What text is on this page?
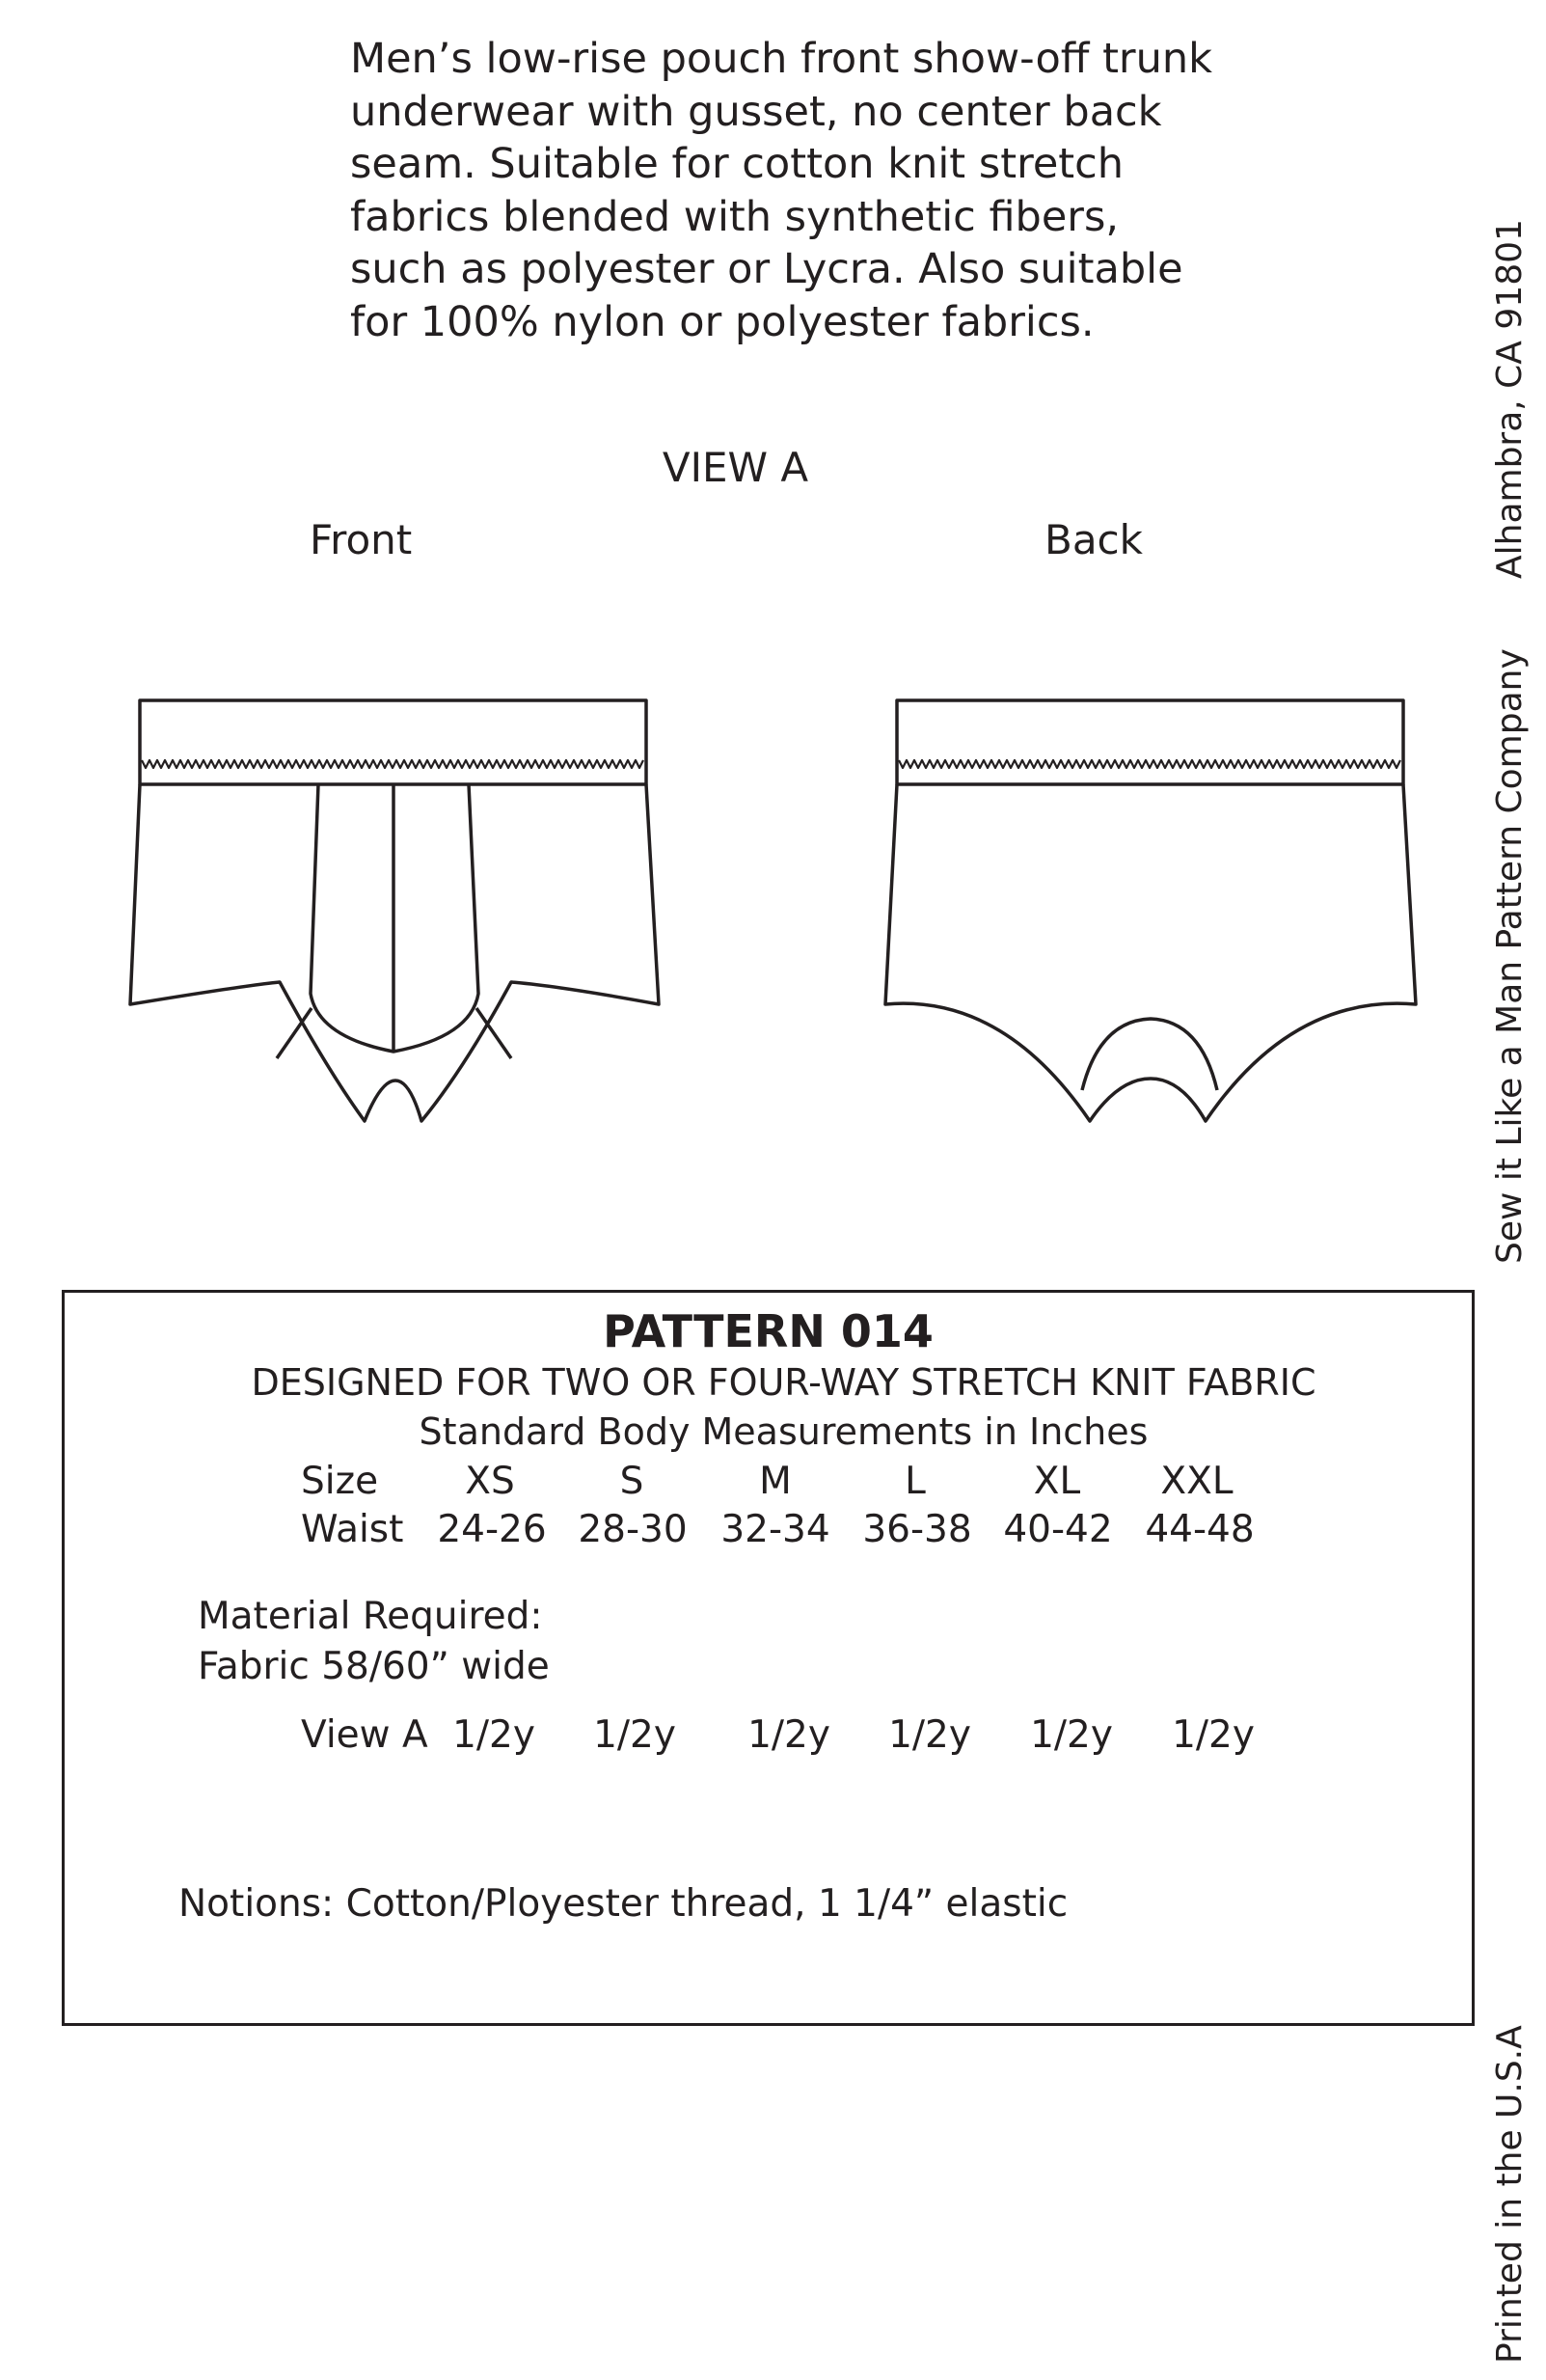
Men’s low-rise pouch front show-off trunk
underwear with gusset, no center back
seam. Suitable for cotton knit stretch
fabrics blended with synthetic fibers,
such as polyester or Lycra. Also suitable
for 100% nylon or polyester fabrics.
VIEW A
Front	Back	Alhambra, CA 91801
Sew it Like a Man Pattern Company
Printed in the U.S.A
PATTERN 014
DESIGNED FOR TWO OR FOUR-WAY STRETCH KNIT FABRIC
Standard Body Measurements in Inches
Size XS	S	M	L	XL XXL
Waist 24-26 28-30 32-34 36-38 40-42 44-48
Material Required:
Fabric 58/60” wide
View A 1/2y 1/2y 1/2y 1/2y 1/2y 1/2y
Notions: Cotton/Ployester thread, 1 1/4” elastic
